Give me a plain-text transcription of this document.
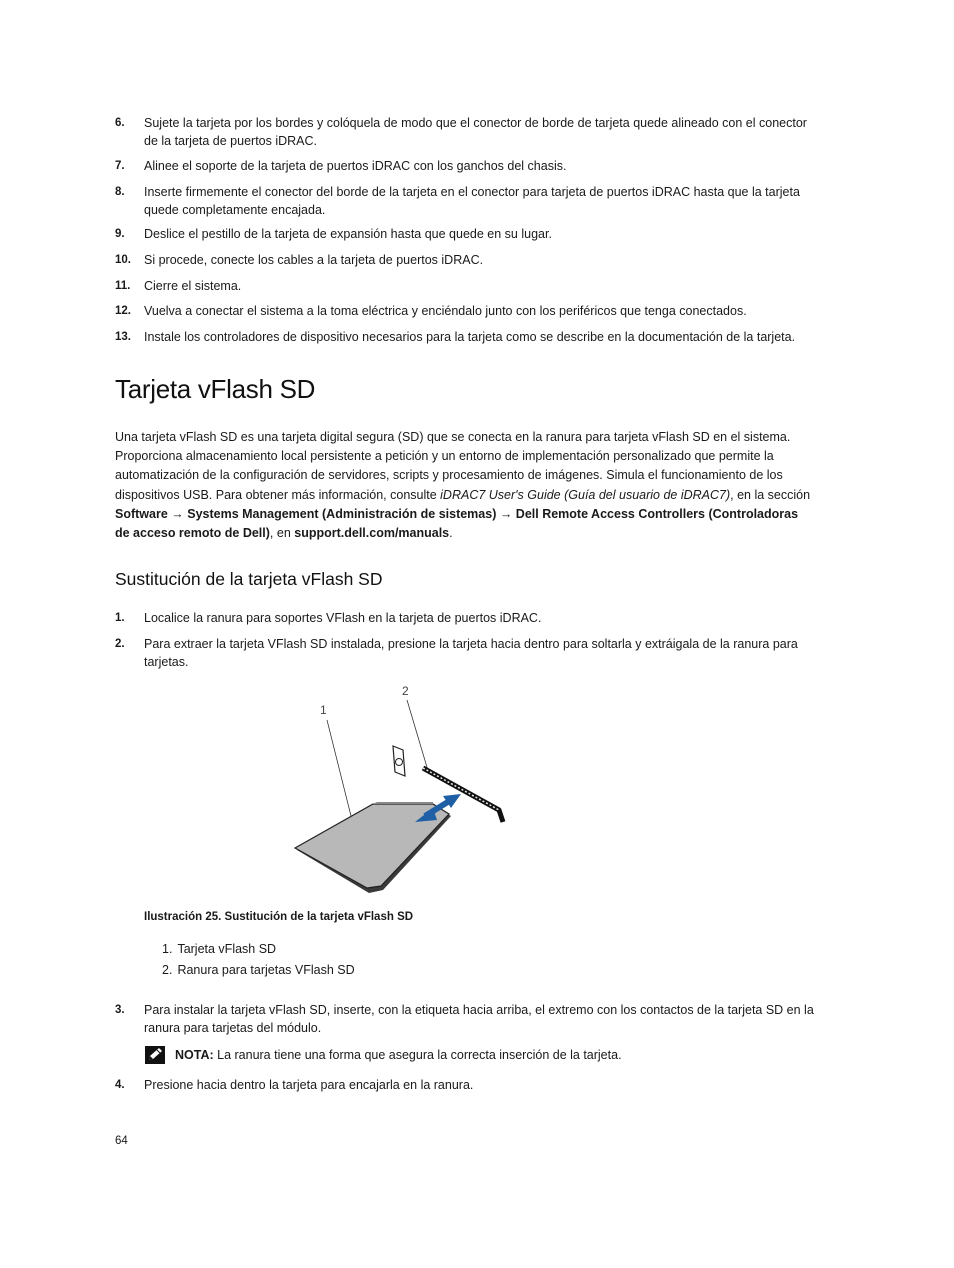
6. Sujete la tarjeta por los bordes y colóquela de modo que el conector de borde de tarjeta quede alineado con el conector de la tarjeta de puertos iDRAC.
7. Alinee el soporte de la tarjeta de puertos iDRAC con los ganchos del chasis.
8. Inserte firmemente el conector del borde de la tarjeta en el conector para tarjeta de puertos iDRAC hasta que la tarjeta quede completamente encajada.
9. Deslice el pestillo de la tarjeta de expansión hasta que quede en su lugar.
10. Si procede, conecte los cables a la tarjeta de puertos iDRAC.
11. Cierre el sistema.
12. Vuelva a conectar el sistema a la toma eléctrica y enciéndalo junto con los periféricos que tenga conectados.
13. Instale los controladores de dispositivo necesarios para la tarjeta como se describe en la documentación de la tarjeta.
Tarjeta vFlash SD

Una tarjeta vFlash SD es una tarjeta digital segura (SD) que se conecta en la ranura para tarjeta vFlash SD en el sistema. Proporciona almacenamiento local persistente a petición y un entorno de implementación personalizado que permite la automatización de la configuración de servidores, scripts y procesamiento de imágenes. Simula el funcionamiento de los dispositivos USB. Para obtener más información, consulte iDRAC7 User's Guide (Guía del usuario de iDRAC7), en la sección Software → Systems Management (Administración de sistemas) → Dell Remote Access Controllers (Controladoras de acceso remoto de Dell), en support.dell.com/manuals.

Sustitución de la tarjeta vFlash SD
1. Localice la ranura para soportes VFlash en la tarjeta de puertos iDRAC.
2. Para extraer la tarjeta VFlash SD instalada, presione la tarjeta hacia dentro para soltarla y extráigala de la ranura para tarjetas.
1
2
Ilustración 25. Sustitución de la tarjeta vFlash SD
1. Tarjeta vFlash SD
2. Ranura para tarjetas VFlash SD
3. Para instalar la tarjeta vFlash SD, inserte, con la etiqueta hacia arriba, el extremo con los contactos de la tarjeta SD en la ranura para tarjetas del módulo.
NOTA: La ranura tiene una forma que asegura la correcta inserción de la tarjeta.
4. Presione hacia dentro la tarjeta para encajarla en la ranura.
64
